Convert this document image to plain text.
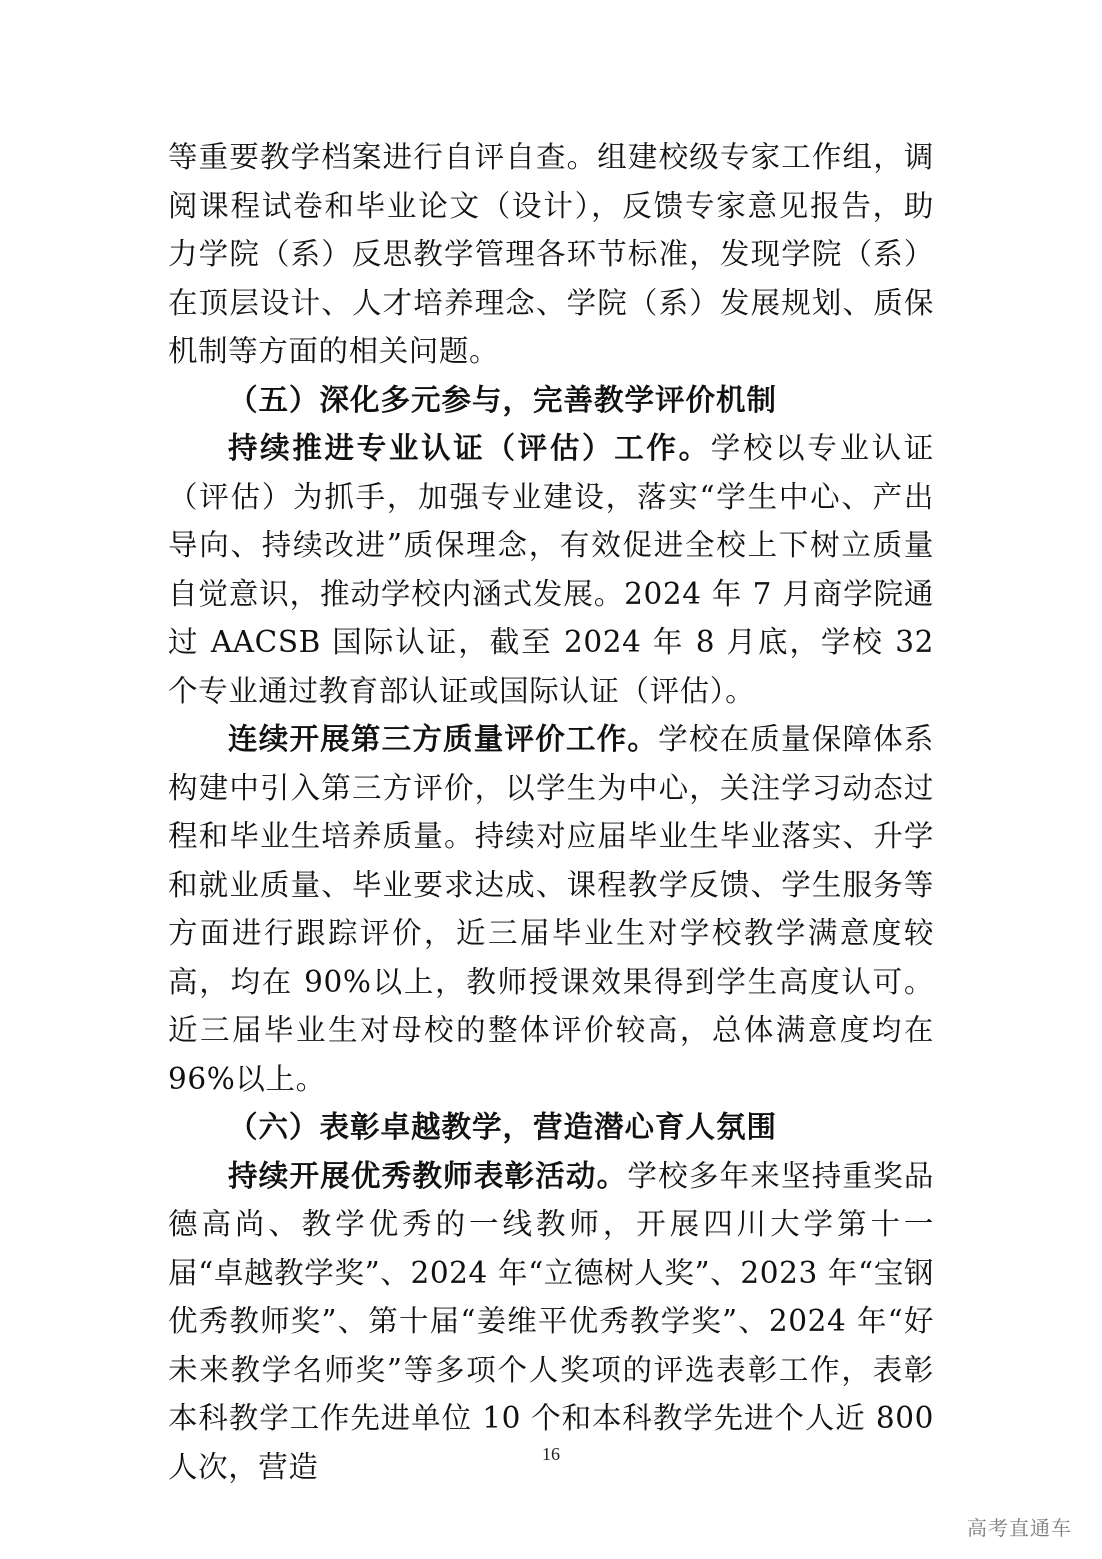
等重要教学档案进行自评自查。组建校级专家工作组，调阅课程试卷和毕业论文（设计），反馈专家意见报告，助力学院（系）反思教学管理各环节标准，发现学院（系）在顶层设计、人才培养理念、学院（系）发展规划、质保机制等方面的相关问题。

（五）深化多元参与，完善教学评价机制

持续推进专业认证（评估）工作。学校以专业认证（评估）为抓手，加强专业建设，落实“学生中心、产出导向、持续改进”质保理念，有效促进全校上下树立质量自觉意识，推动学校内涵式发展。2024 年 7 月商学院通过 AACSB 国际认证，截至 2024 年 8 月底，学校 32 个专业通过教育部认证或国际认证（评估）。

连续开展第三方质量评价工作。学校在质量保障体系构建中引入第三方评价，以学生为中心，关注学习动态过程和毕业生培养质量。持续对应届毕业生毕业落实、升学和就业质量、毕业要求达成、课程教学反馈、学生服务等方面进行跟踪评价，近三届毕业生对学校教学满意度较高，均在 90%以上，教师授课效果得到学生高度认可。近三届毕业生对母校的整体评价较高，总体满意度均在 96%以上。

（六）表彰卓越教学，营造潜心育人氛围

持续开展优秀教师表彰活动。学校多年来坚持重奖品德高尚、教学优秀的一线教师，开展四川大学第十一届“卓越教学奖”、2024 年“立德树人奖”、2023 年“宝钢优秀教师奖”、第十届“姜维平优秀教学奖”、2024 年“好未来教学名师奖”等多项个人奖项的评选表彰工作，表彰本科教学工作先进单位 10 个和本科教学先进个人近 800 人次，营造	16
高考直通车
